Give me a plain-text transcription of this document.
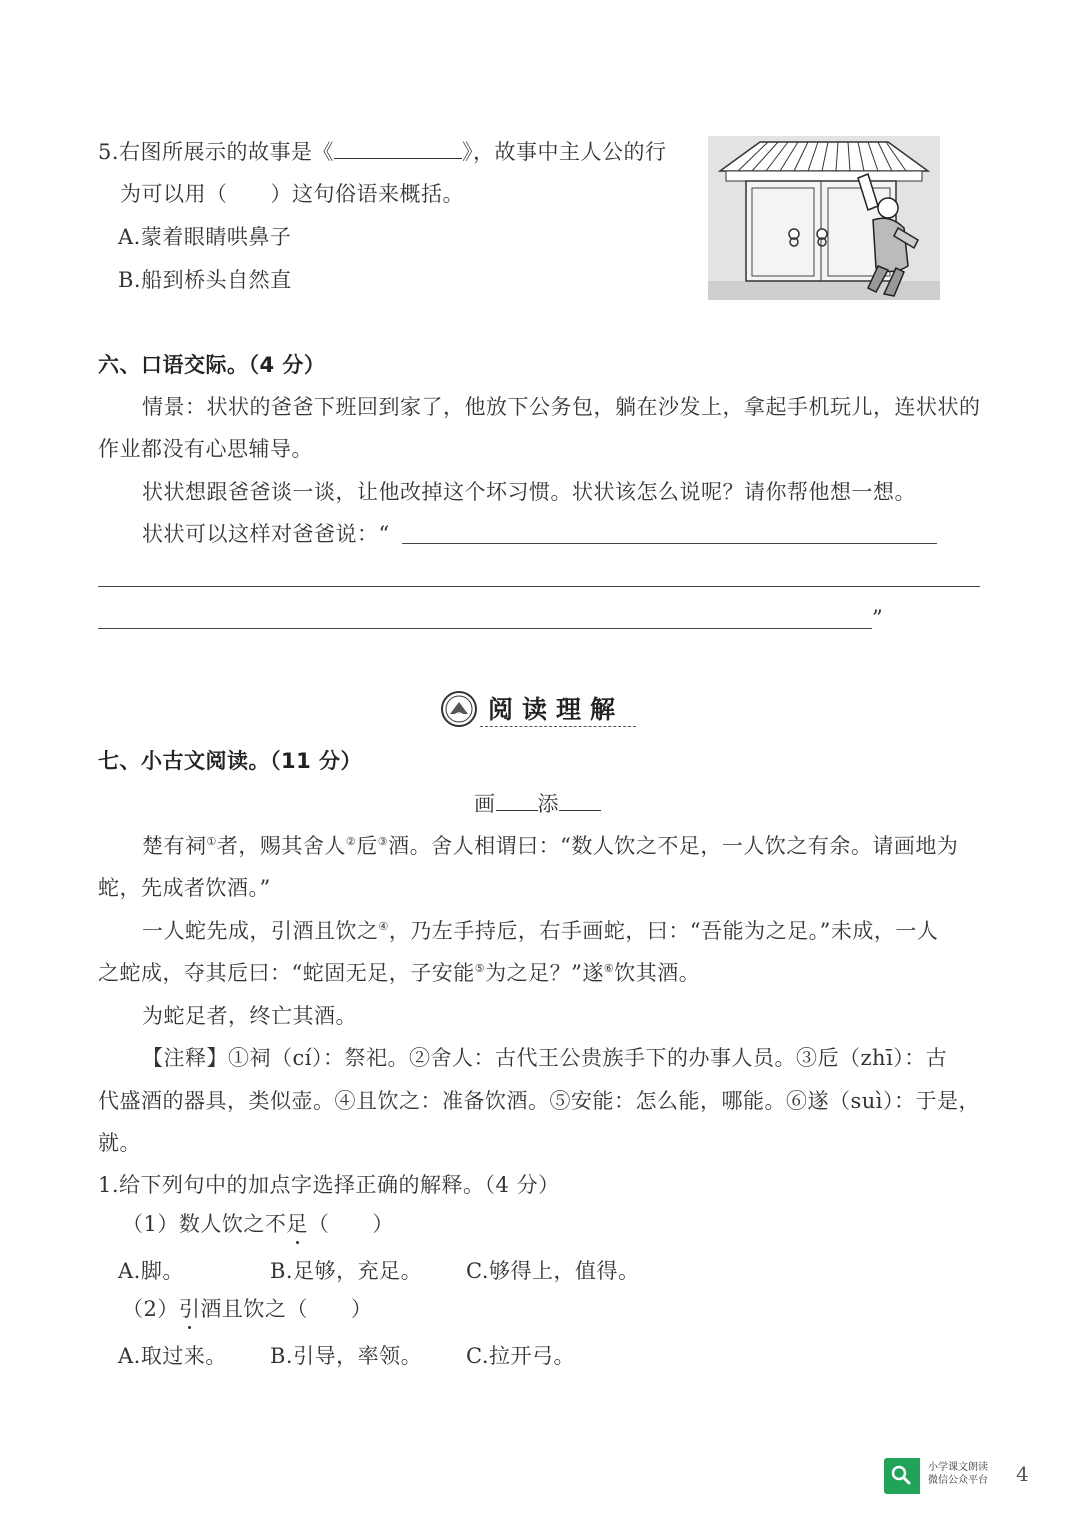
5.右图所展示的故事是《	》，故事中主人公的行
为可以用（　　）这句俗语来概括。
A.蒙着眼睛哄鼻子
B.船到桥头自然直
六、口语交际。（4 分）
情景：状状的爸爸下班回到家了，他放下公务包，躺在沙发上，拿起手机玩儿，连状状的
作业都没有心思辅导。
状状想跟爸爸谈一谈，让他改掉这个坏习惯。状状该怎么说呢？请你帮他想一想。
状状可以这样对爸爸说：“
”
阅读理解
七、小古文阅读。（11 分）
画 添
楚有祠①者，赐其舍人②卮③酒。舍人相谓曰：“数人饮之不足，一人饮之有余。请画地为
蛇，先成者饮酒。”
一人蛇先成，引酒且饮之④，乃左手持卮，右手画蛇，曰：“吾能为之足。”未成，一人
之蛇成，夺其卮曰：“蛇固无足，子安能⑤为之足？”遂⑥饮其酒。
为蛇足者，终亡其酒。
【注释】①祠（cí）：祭祀。②舍人：古代王公贵族手下的办事人员。③卮（zhī）：古
代盛酒的器具，类似壶。④且饮之：准备饮酒。⑤安能：怎么能，哪能。⑥遂（suì）：于是，
就。
1.给下列句中的加点字选择正确的解释。（4 分）
（1）数人饮之不足（　　）
A.脚。	B.足够，充足。 C.够得上，值得。
（2）引酒且饮之（　　）
A.取过来。 B.引导，率领。 C.拉开弓。
小学课文朗读
微信公众平台 4
